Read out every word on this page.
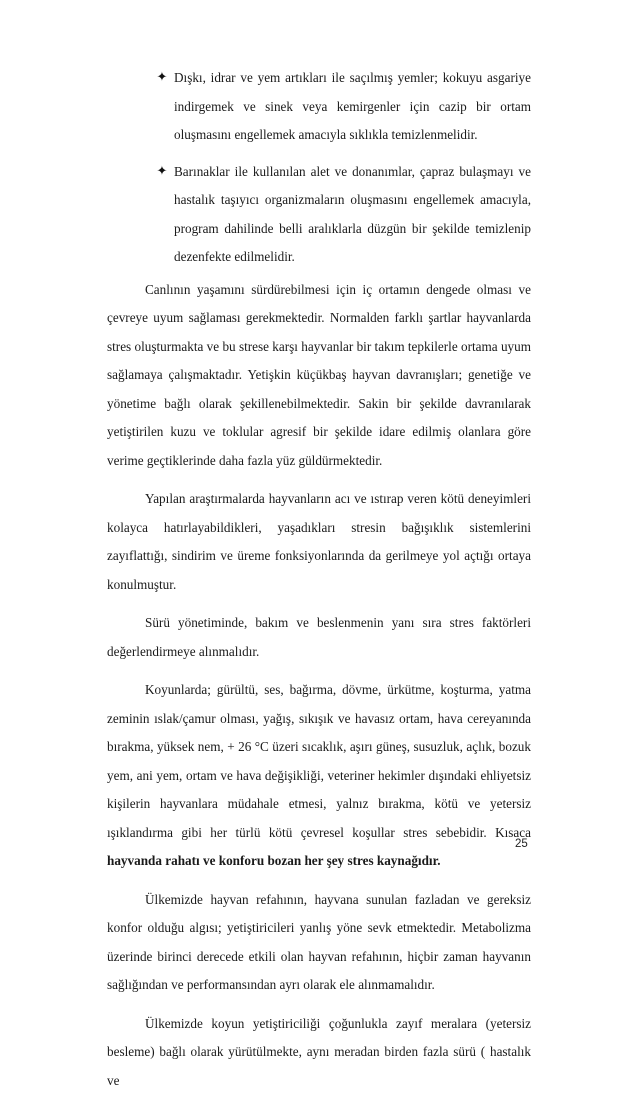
✦ Dışkı, idrar ve yem artıkları ile saçılmış yemler; kokuyu asgariye indirgemek ve sinek veya kemirgenler için cazip bir ortam oluşmasını engellemek amacıyla sıklıkla temizlenmelidir.
✦ Barınaklar ile kullanılan alet ve donanımlar, çapraz bulaşmayı ve hastalık taşıyıcı organizmaların oluşmasını engellemek amacıyla, program dahilinde belli aralıklarla düzgün bir şekilde temizlenip dezenfekte edilmelidir.

Canlının yaşamını sürdürebilmesi için iç ortamın dengede olması ve çevreye uyum sağlaması gerekmektedir. Normalden farklı şartlar hayvanlarda stres oluşturmakta ve bu strese karşı hayvanlar bir takım tepkilerle ortama uyum sağlamaya çalışmaktadır. Yetişkin küçükbaş hayvan davranışları; genetiğe ve yönetime bağlı olarak şekillenebilmektedir. Sakin bir şekilde davranılarak yetiştirilen kuzu ve toklular agresif bir şekilde idare edilmiş olanlara göre verime geçtiklerinde daha fazla yüz güldürmektedir.

Yapılan araştırmalarda hayvanların acı ve ıstırap veren kötü deneyimleri kolayca hatırlayabildikleri, yaşadıkları stresin bağışıklık sistemlerini zayıflattığı, sindirim ve üreme fonksiyonlarında da gerilmeye yol açtığı ortaya konulmuştur.

Sürü yönetiminde, bakım ve beslenmenin yanı sıra stres faktörleri değerlendirmeye alınmalıdır.

Koyunlarda; gürültü, ses, bağırma, dövme, ürkütme, koşturma, yatma zeminin ıslak/çamur olması, yağış, sıkışık ve havasız ortam, hava cereyanında bırakma, yüksek nem, + 26 °C üzeri sıcaklık, aşırı güneş, susuzluk, açlık, bozuk yem, ani yem, ortam ve hava değişikliği, veteriner hekimler dışındaki ehliyetsiz kişilerin hayvanlara müdahale etmesi, yalnız bırakma, kötü ve yetersiz ışıklandırma gibi her türlü kötü çevresel koşullar stres sebebidir. Kısaca hayvanda rahatı ve konforu bozan her şey stres kaynağıdır.

Ülkemizde hayvan refahının, hayvana sunulan fazladan ve gereksiz konfor olduğu algısı; yetiştiricileri yanlış yöne sevk etmektedir. Metabolizma üzerinde birinci derecede etkili olan hayvan refahının, hiçbir zaman hayvanın sağlığından ve performansından ayrı olarak ele alınmamalıdır.

Ülkemizde koyun yetiştiriciliği çoğunlukla zayıf meralara (yetersiz besleme) bağlı olarak yürütülmekte, aynı meradan birden fazla sürü ( hastalık ve

25
